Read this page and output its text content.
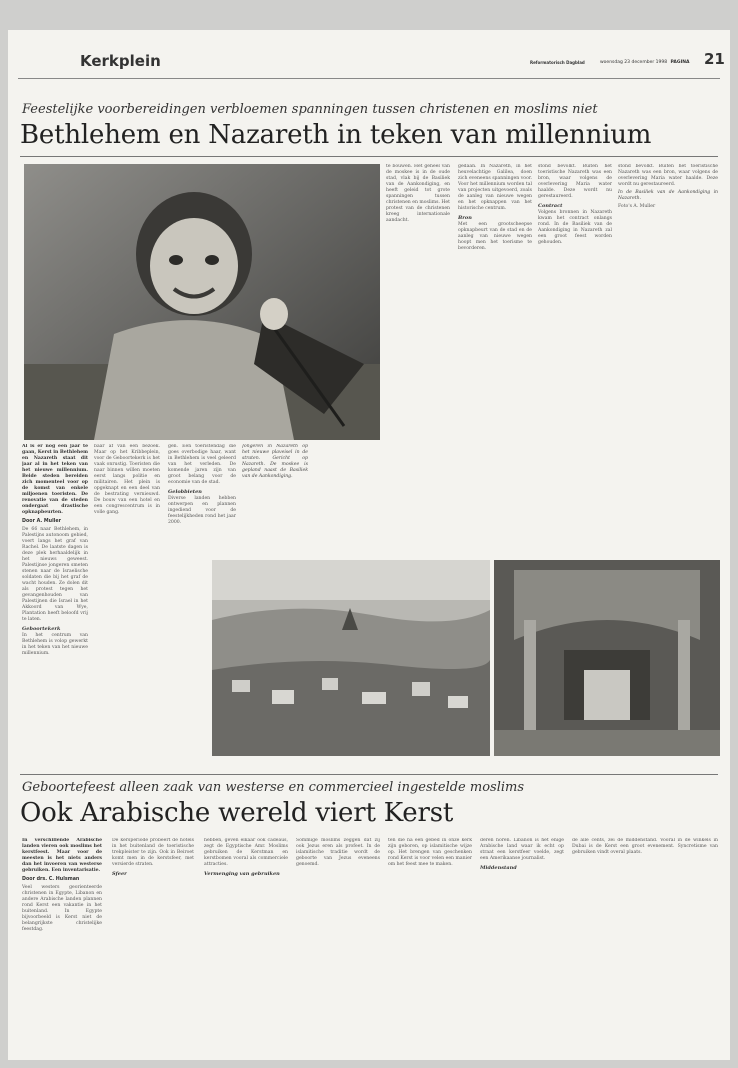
Kerkplein	Reformatorisch Dagblad	woensdag 23 december 1998 PAGINA 21
Feestelijke voorbereidingen verbloemen spanningen tussen christenen en moslims niet
Bethlehem en Nazareth in teken van millennium

Al is er nog een jaar te gaan, Kerst in Bethlehem en Nazareth staat dit jaar al in het teken van het nieuwe millennium. Beide steden bereiden zich momenteel voor op de komst van enkele miljoenen toeristen. De renovatie van de steden ondergaat drastische opknapbeurten.

Door A. Muller

De 66 naar Bethlehem, in Palestijns autonoom gebied, voert langs het graf van Rachel. De laatste dagen is deze plek herhaaldelijk in het nieuws geweest. Palestijnse jongeren smeten stenen naar de Israelische soldaten die bij het graf de wacht houden. Ze dolen dit als protest tegen het gevangenhouden van Palestijnen die Israel in het Akkoord van Wye, Plantation heeft beloofd vrij te laten.

Geboortekerk

In het centrum van Bethlehem is volop gewerkt in het teken van het nieuwe millennium.

baar af van een bezoek. Maar op het Kribbeplein, voor de Geboortekerk is het vaak onrustig. Toeristen die naar binnen willen moeten eerst langs politie en militairen. Het plein is opgeknapt en een deel van de bestrating vernieuwd. De bouw van een hotel en een congrescentrum is in volle gang.

gen. Een toeristendag die goes overbodige haar, want in Bethlehem is veel geleerd van het verleden. De komende jaren zijn van groot belang voor de economie van de stad.

Gelobbieten

Diverse landen hebben ontwerpen en plannen ingediend voor de feestelijkheden rond het jaar 2000.

Jongeren in Nazareth op het nieuwe plaveisel in de straten. Gericht op Nazareth. De moskee is gepland naast de Basiliek van de Aankondiging.

te bouwen. Het geheel van de moskee is in de oude stad, vlak bij de Basiliek van de Aankondiging, en heeft geleid tot grote spanningen tussen christenen en moslims. Het protest van de christenen kreeg internationale aandacht.

gedaan. In Nazareth, in het heuvelachtige Galilea, doen zich eveneens spanningen voor. Voor het millennium worden tal van projecten uitgevoerd, zoals de aanleg van nieuwe wegen en het opknappen van het historische centrum.

Bron

Met een grootscheepse opknapbeurt van de stad en de aanleg van nieuwe wegen hoopt men het toerisme te bevorderen.

stond bevolkt. Buiten het toeristische Nazareth was een bron, waar volgens de overlevering Maria water haalde. Deze wordt nu gerestaureerd.

Contract

Volgens bronnen in Nazareth kwam het contract onlangs rond. In de Basiliek van de Aankondiging in Nazareth zal een groot feest worden gehouden.

stond bevolkt. Buiten het toeristische Nazareth was een bron, waar volgens de overlevering Maria water haalde. Deze wordt nu gerestaureerd.

In de Basiliek van de Aankondiging in Nazareth.

Foto's A. Muller

Geboortefeest alleen zaak van westerse en commercieel ingestelde moslims
Ook Arabische wereld viert Kerst

In verschillende Arabische landen vieren ook moslims het kerstfeest. Maar voor de meesten is het niets anders dan het invoeren van westerse gebruiken. Een inventarisatie.

Door drs. C. Hulsman

Veel westers georienteerde christenen in Egypte, Libanon en andere Arabische landen plannen rond Kerst een vakantie in het buitenland. In Egypte bijvoorbeeld is Kerst niet de belangrijkste christelijke feestdag.

De kersperiode probeert de hotels in het buitenland de toeristische trekpleister te zijn. Ook in Beiroet komt men in de kerstsfeer, met versierde straten.

Sfeer

hebben, geven elkaar ook cadeaus, zegt de Egyptische Amr. Moslims gebruiken de Kerstman en kerstbomen vooral als commerciele attracties.

Vermenging van gebruiken

Sommige moslims zeggen dat zij ook Jezus eren als profeet. In de islamitische traditie wordt de geboorte van Jezus eveneens genoemd.

ten die na een gebed in onze kerk zijn geboren, op islamitische wijze op. Het brengen van geschenken rond Kerst is voor velen een manier om het feest mee te maken.

deren horen. Libanon is het enige Arabische land waar ik echt op straat een kerstfeer voelde, zegt een Amerikaanse journalist.

Middenstand

de alle cents, zei de middenstand. Vooral in de winkels in Dubai is de Kerst een groot evenement. Syncretisme van gebruiken vindt overal plaats.
